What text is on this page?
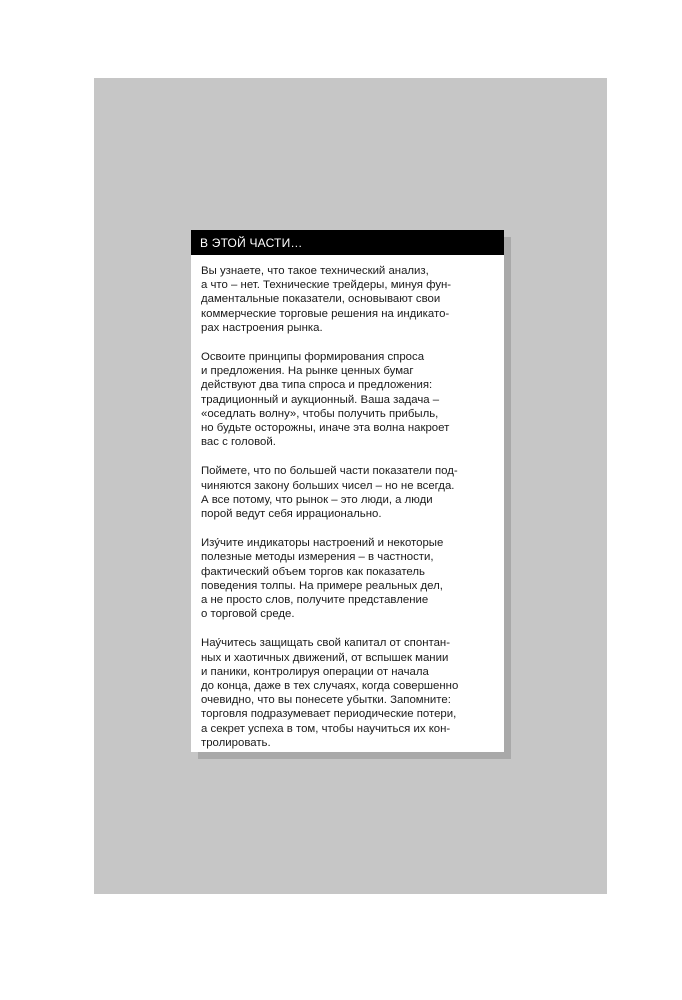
В ЭТОЙ ЧАСТИ…
Вы узнаете, что такое технический анализ,
а что – нет. Технические трейдеры, минуя фун-
даментальные показатели, основывают свои
коммерческие торговые решения на индикато-
рах настроения рынка.
Освоите принципы формирования спроса
и предложения. На рынке ценных бумаг
действуют два типа спроса и предложения:
традиционный и аукционный. Ваша задача –
«оседлать волну», чтобы получить прибыль,
но будьте осторожны, иначе эта волна накроет
вас с головой.
Поймете, что по большей части показатели под-
чиняются закону больших чисел – но не всегда.
А все потому, что рынок – это люди, а люди
порой ведут себя иррационально.
Изу́чите индикаторы настроений и некоторые
полезные методы измерения – в частности,
фактический объем торгов как показатель
поведения толпы. На примере реальных дел,
а не просто слов, получите представление
о торговой среде.
Нау́читесь защищать свой капитал от спонтан-
ных и хаотичных движений, от вспышек мании
и паники, контролируя операции от начала
до конца, даже в тех случаях, когда совершенно
очевидно, что вы понесете убытки. Запомните:
торговля подразумевает периодические потери,
а секрет успеха в том, чтобы научиться их кон-
тролировать.
